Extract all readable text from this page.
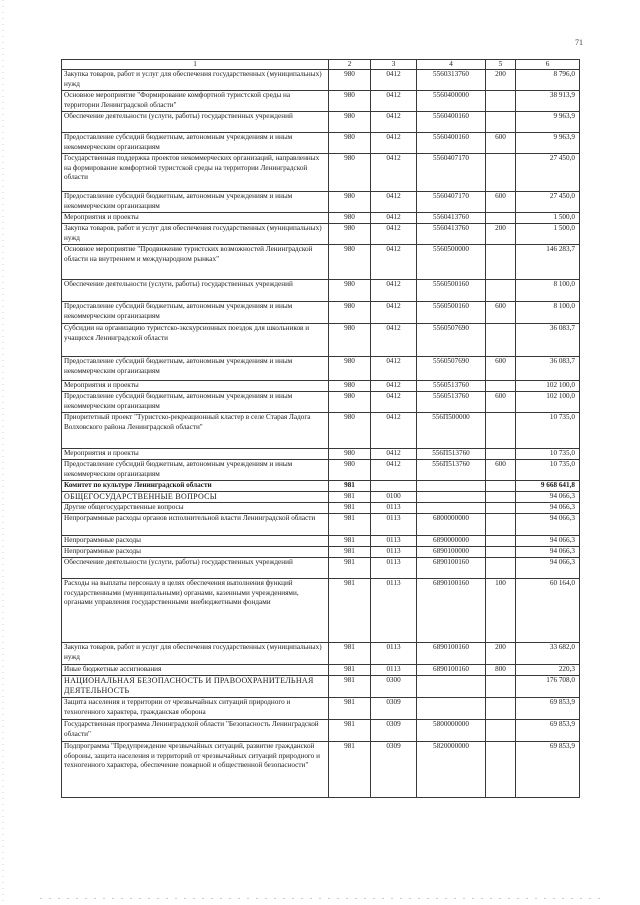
71
1	2	3	4	5	6
Закупка товаров, работ и услуг для обеспечения государственных (муниципальных) нужд	980	0412	5560313760	200	8 796,0
Основное мероприятие "Формирование комфортной туристской среды на территории Ленинградской области"	980	0412	5560400000		38 913,9
Обеспечение деятельности (услуги, работы) государственных учреждений	980	0412	5560400160		9 963,9
Предоставление субсидий бюджетным, автономным учреждениям и иным некоммерческим организациям	980	0412	5560400160	600	9 963,9
Государственная поддержка проектов некоммерческих организаций, направленных на формирование комфортной туристской среды на территории Ленинградской области	980	0412	5560407170		27 450,0
Предоставление субсидий бюджетным, автономным учреждениям и иным некоммерческим организациям	980	0412	5560407170	600	27 450,0
Мероприятия и проекты	980	0412	5560413760		1 500,0
Закупка товаров, работ и услуг для обеспечения государственных (муниципальных) нужд	980	0412	5560413760	200	1 500,0
Основное мероприятие "Продвижение туристских возможностей Ленинградской области на внутреннем и международном рынках"	980	0412	5560500000		146 283,7
Обеспечение деятельности (услуги, работы) государственных учреждений	980	0412	5560500160		8 100,0
Предоставление субсидий бюджетным, автономным учреждениям и иным некоммерческим организациям	980	0412	5560500160	600	8 100,0
Субсидии на организацию туристско-экскурсионных поездок для школьников и учащихся Ленинградской области	980	0412	5560507690		36 083,7
Предоставление субсидий бюджетным, автономным учреждениям и иным некоммерческим организациям	980	0412	5560507690	600	36 083,7
Мероприятия и проекты	980	0412	5560513760		102 100,0
Предоставление субсидий бюджетным, автономным учреждениям и иным некоммерческим организациям	980	0412	5560513760	600	102 100,0
Приоритетный проект "Туристско-рекреационный кластер в селе Старая Ладога Волховского района Ленинградской области"	980	0412	556П500000		10 735,0
Мероприятия и проекты	980	0412	556П513760		10 735,0
Предоставление субсидий бюджетным, автономным учреждениям и иным некоммерческим организациям	980	0412	556П513760	600	10 735,0
Комитет по культуре Ленинградской области	981				9 668 641,8
ОБЩЕГОСУДАРСТВЕННЫЕ ВОПРОСЫ	981	0100			94 066,3
Другие общегосударственные вопросы	981	0113			94 066,3
Непрограммные расходы органов исполнительной власти Ленинградской области	981	0113	6800000000		94 066,3
Непрограммные расходы	981	0113	6890000000		94 066,3
Непрограммные расходы	981	0113	6890100000		94 066,3
Обеспечение деятельности (услуги, работы) государственных учреждений	981	0113	6890100160		94 066,3
Расходы на выплаты персоналу в целях обеспечения выполнения функций государственными (муниципальными) органами, казенными учреждениями, органами управления государственными внебюджетными фондами	981	0113	6890100160	100	60 164,0
Закупка товаров, работ и услуг для обеспечения государственных (муниципальных) нужд	981	0113	6890100160	200	33 682,0
Иные бюджетные ассигнования	981	0113	6890100160	800	220,3
НАЦИОНАЛЬНАЯ БЕЗОПАСНОСТЬ И ПРАВООХРАНИТЕЛЬНАЯ ДЕЯТЕЛЬНОСТЬ	981	0300			176 708,0
Защита населения и территории от чрезвычайных ситуаций природного и техногенного характера, гражданская оборона	981	0309			69 853,9
Государственная программа Ленинградской области "Безопасность Ленинградской области"	981	0309	5800000000		69 853,9
Подпрограмма "Предупреждение чрезвычайных ситуаций, развитие гражданской обороны, защита населения и территорий от чрезвычайных ситуаций природного и техногенного характера, обеспечение пожарной и общественной безопасности"	981	0309	5820000000		69 853,9
